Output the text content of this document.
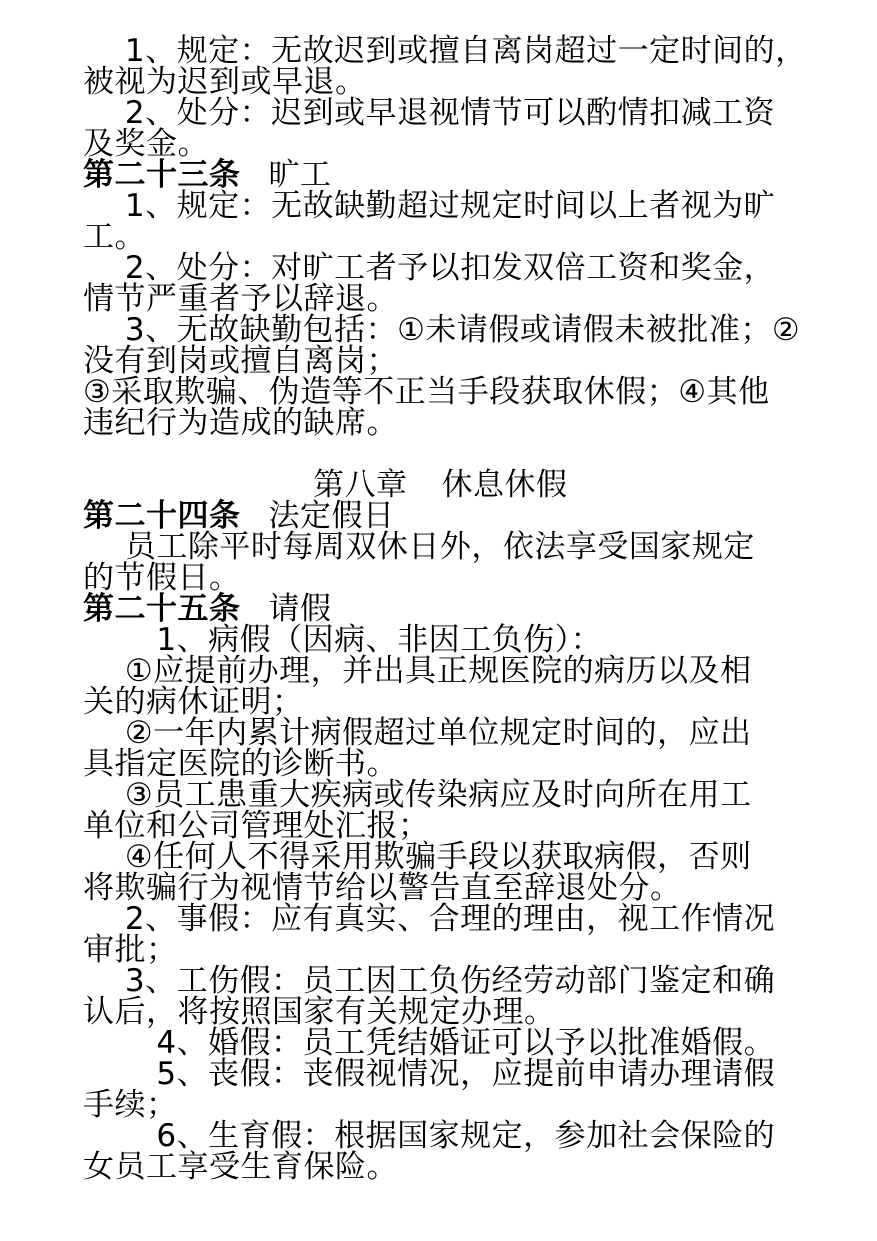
　 1、规定：无故迟到或擅自离岗超过一定时间的，
被视为迟到或早退。
　 2、处分：迟到或早退视情节可以酌情扣减工资
及奖金。
第二十三条 旷工
　 1、规定：无故缺勤超过规定时间以上者视为旷
工。
　 2、处分：对旷工者予以扣发双倍工资和奖金，
情节严重者予以辞退。
　 3、无故缺勤包括：①未请假或请假未被批准；②
没有到岗或擅自离岗；
③采取欺骗、伪造等不正当手段获取休假；④其他
违纪行为造成的缺席。
第八章 休息休假
第二十四条 法定假日
　 员工除平时每周双休日外，依法享受国家规定
的节假日。
第二十五条 请假
　　 1、病假（因病、非因工负伤）：
　 ①应提前办理，并出具正规医院的病历以及相
关的病休证明；
　 ②一年内累计病假超过单位规定时间的，应出
具指定医院的诊断书。
　 ③员工患重大疾病或传染病应及时向所在用工
单位和公司管理处汇报；
　 ④任何人不得采用欺骗手段以获取病假，否则
将欺骗行为视情节给以警告直至辞退处分。
　 2、事假：应有真实、合理的理由，视工作情况
审批；
　 3、工伤假：员工因工负伤经劳动部门鉴定和确
认后，将按照国家有关规定办理。
　　 4、婚假：员工凭结婚证可以予以批准婚假。
　　 5、丧假：丧假视情况，应提前申请办理请假
手续；
　　 6、生育假：根据国家规定，参加社会保险的
女员工享受生育保险。
